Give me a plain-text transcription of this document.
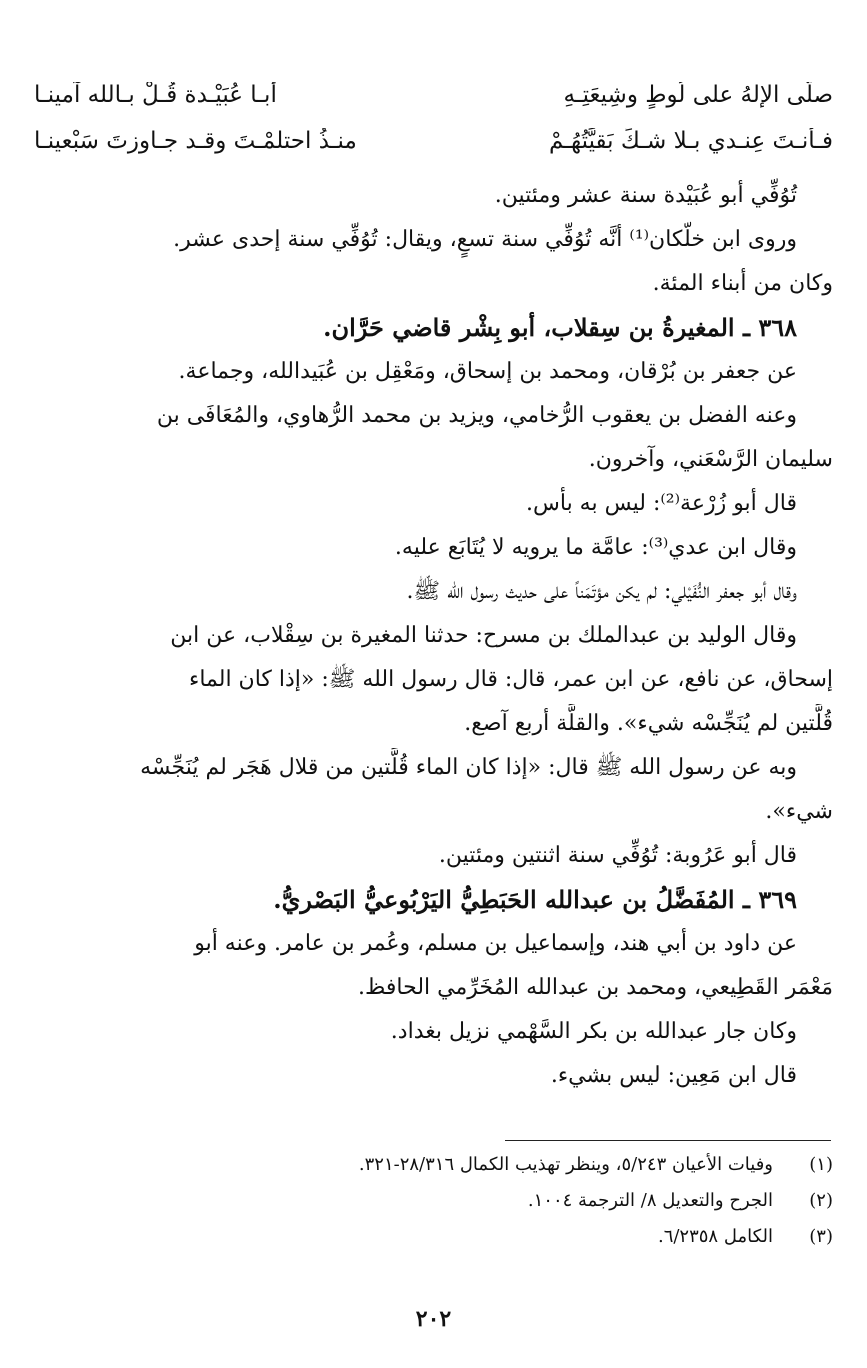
صلَّى الإلهُ على لُوطٍ وشِيعَتِـهِ
أَبـا عُبَيْـدة قُـلْ بـالله آمينـا
فـأنـتَ عِنـدي بـلا شـكٍّ بَقيَّتُهُـمْ
منـذُ احتلمْـتَ وقـد جـاوزتَ سَبْعينـا
تُوُفِّي أبو عُبَيْدة سنة عشر ومئتين.
وروى ابن خلّكان⁽¹⁾ أنَّه تُوُفِّي سنة تسعٍ، ويقال: تُوُفِّي سنة إحدى عشر.
وكان من أبناء المئة.
٣٦٨ ـ المغيرةُ بن سِقلاب، أبو بِشْر قاضي حَرَّان.
عن جعفر بن بُرْقان، ومحمد بن إسحاق، ومَعْقِل بن عُبَيدالله، وجماعة.
وعنه الفضل بن يعقوب الرُّخامي، ويزيد بن محمد الرُّهاوي، والمُعَافَى بن
سليمان الرَّسْعَني، وآخرون.
قال أبو زُرْعة⁽²⁾: ليس به بأس.
وقال ابن عدي⁽³⁾: عامَّة ما يرويه لا يُتَابَع عليه.
وقال أبو جعفر النُّفَيْلي: لم يكن مؤتَمَناً على حديث رسول الله ﷺ.
وقال الوليد بن عبدالملك بن مسرح: حدثنا المغيرة بن سِقْلاب، عن ابن
إسحاق، عن نافع، عن ابن عمر، قال: قال رسول الله ﷺ: «إذا كان الماء
قُلَّتين لم يُنَجِّسْه شيء». والقلَّة أربع آصع.
وبه عن رسول الله ﷺ قال: «إذا كان الماء قُلَّتين من قلال هَجَر لم يُنَجِّسْه
شيء».
قال أبو عَرُوبة: تُوُفِّي سنة اثنتين ومئتين.
٣٦٩ ـ المُفَضَّلُ بن عبدالله الحَبَطِيُّ اليَرْبُوعيُّ البَصْريُّ.
عن داود بن أبي هند، وإسماعيل بن مسلم، وعُمر بن عامر. وعنه أبو
مَعْمَر القَطِيعي، ومحمد بن عبدالله المُخَرِّمي الحافظ.
وكان جار عبدالله بن بكر السَّهْمي نزيل بغداد.
قال ابن مَعِين: ليس بشيء.
(١)
وفيات الأعيان ٥/٢٤٣، وينظر تهذيب الكمال ٢٨/٣١٦-٣٢١.
(٢)
الجرح والتعديل ٨/ الترجمة ١٠٠٤.
(٣)
الكامل ٦/٢٣٥٨.
٢٠٢
